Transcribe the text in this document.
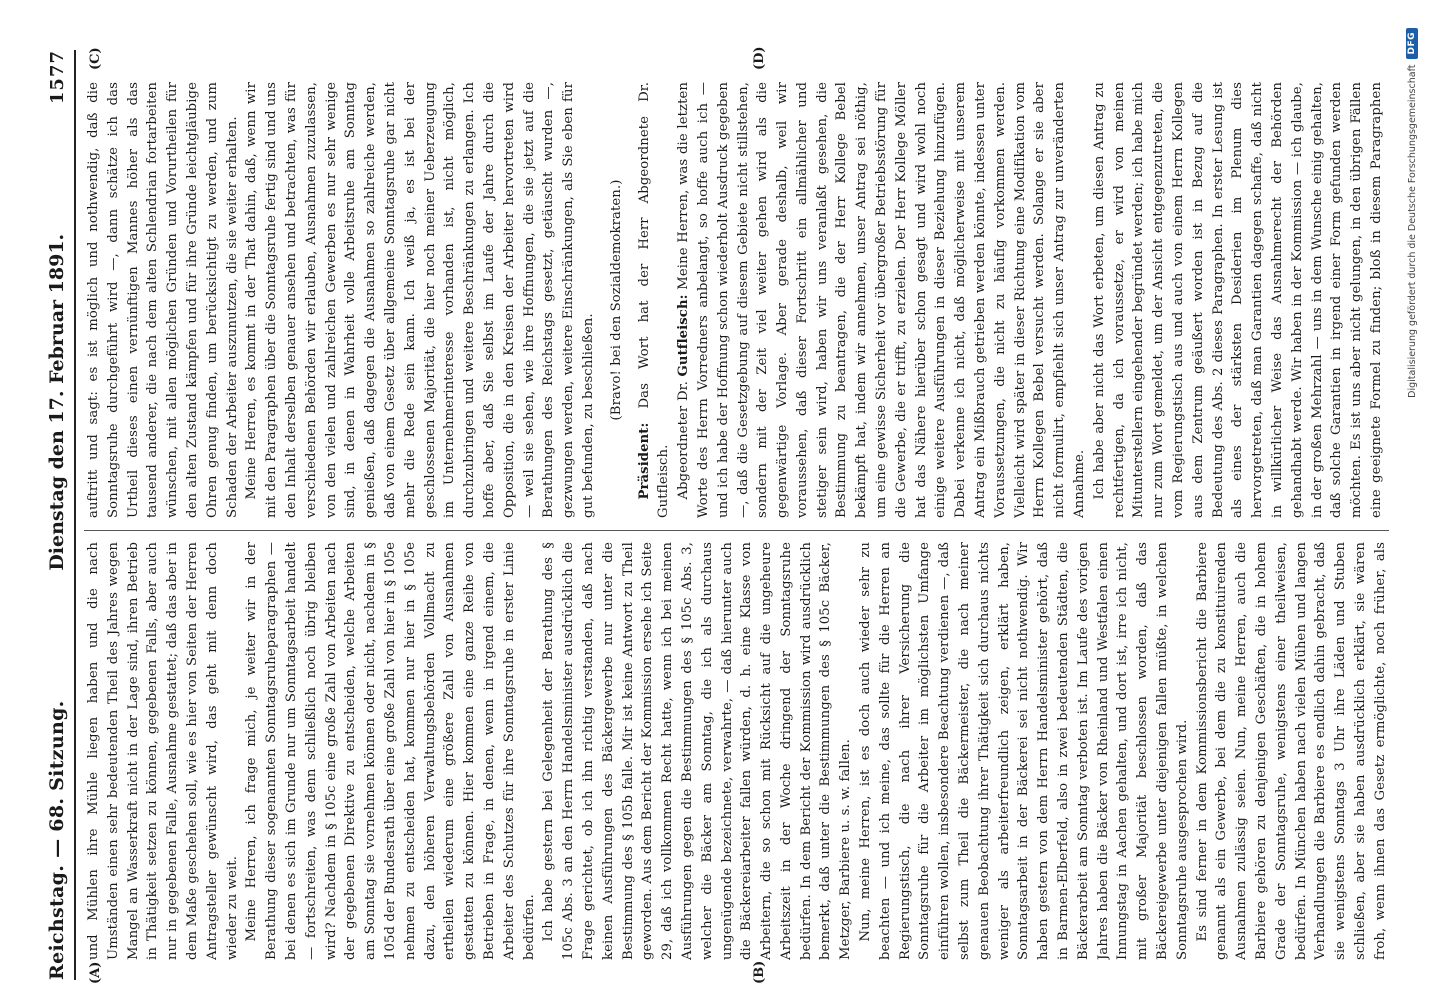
Reichstag. — 68. Sitzung.
Dienstag den 17. Februar 1891.
1577
(A)	(B)
(C)	(D)

und Mühlen ihre Mühle liegen haben und die nach Umständen einen sehr bedeutenden Theil des Jahres wegen Mangel an Wasserkraft nicht in der Lage sind, ihren Betrieb in Thätigkeit setzen zu können, gegebenen Falls, aber auch nur in gegebenen Falle, Ausnahme gestattet; daß das aber in dem Maße geschehen soll, wie es hier von Seiten der Herren Antragsteller gewünscht wird, das geht mit denn doch wieder zu weit. Meine Herren, ich frage mich, je weiter wir in der Berathung dieser sogenannten Sonntagsruheparagraphen — bei denen es sich im Grunde nur um Sonntagsarbeit handelt — fortschreiten, was denn schließlich noch übrig bleiben wird? Nachdem in § 105c eine große Zahl von Arbeiten nach der gegebenen Direktive zu entscheiden, welche Arbeiten am Sonntag sie vornehmen können oder nicht, nachdem in § 105d der Bundesrath über eine große Zahl von hier in § 105e nehmen zu entscheiden hat, kommen nur hier in § 105e dazu, den höheren Verwaltungsbehörden Vollmacht zu ertheilen wiederum eine größere Zahl von Ausnahmen gestatten zu können. Hier kommen eine ganze Reihe von Betrieben in Frage, in denen, wenn in irgend einem, die Arbeiter des Schutzes für ihre Sonntagsruhe in erster Linie bedürfen. Ich habe gestern bei Gelegenheit der Berathung des § 105c Abs. 3 an den Herrn Handelsminister ausdrücklich die Frage gerichtet, ob ich ihn richtig verstanden, daß nach keinen Ausführungen des Bäckergewerbe nur unter die Bestimmung des § 105b falle. Mir ist keine Antwort zu Theil geworden. Aus dem Bericht der Kommission ersehe ich Seite 29, daß ich vollkommen Recht hatte, wenn ich bei meinen Ausführungen gegen die Bestimmungen des § 105c Abs. 3, welcher die Bäcker am Sonntag, die ich als durchaus ungenügende bezeichnete, verwahrte, — daß hierunter auch die Bäckereiarbeiter fallen würden, d. h. eine Klasse von Arbeitern, die so schon mit Rücksicht auf die ungeheure Arbeitszeit in der Woche dringend der Sonntagsruhe bedürfen. In dem Bericht der Kommission wird ausdrücklich bemerkt, daß unter die Bestimmungen des § 105c Bäcker, Metzger, Barbiere u. s. w. fallen. Nun, meine Herren, ist es doch auch wieder sehr zu beachten — und ich meine, das sollte für die Herren an Regierungstisch, die nach ihrer Versicherung die Sonntagsruhe für die Arbeiter im möglichsten Umfange einführen wollen, insbesondere Beachtung verdienen —, daß selbst zum Theil die Bäckermeister, die nach meiner genauen Beobachtung ihrer Thätigkeit sich durchaus nichts weniger als arbeiterfreundlich zeigen, erklärt haben, Sonntagsarbeit in der Bäckerei sei nicht nothwendig. Wir haben gestern von dem Herrn Handelsminister gehört, daß in Barmen-Elberfeld, also in zwei bedeutenden Städten, die Bäckerarbeit am Sonntag verboten ist. Im Laufe des vorigen Jahres haben die Bäcker von Rheinland und Westfalen einen Innungstag in Aachen gehalten, und dort ist, irre ich nicht, mit großer Majorität beschlossen worden, daß das Bäckereigewerbe unter diejenigen fallen müßte, in welchen Sonntagsruhe ausgesprochen wird. Es sind ferner in dem Kommissionsbericht die Barbiere genannt als ein Gewerbe, bei dem die zu konstituirenden Ausnahmen zulässig seien. Nun, meine Herren, auch die Barbiere gehören zu denjenigen Geschäften, die in hohem Grade der Sonntagsruhe, wenigstens einer theilweisen, bedürfen. In München haben nach vielen Mühen und langen Verhandlungen die Barbiere es endlich dahin gebracht, daß sie wenigstens Sonntags 3 Uhr ihre Läden und Stuben schließen, aber sie haben ausdrücklich erklärt, sie wären froh, wenn ihnen das Gesetz ermöglichte, noch früher, als

auftritt und sagt: es ist möglich und nothwendig, daß die Sonntagsruhe durchgeführt wird —, dann schätze ich das Urtheil dieses einen vernünftigen Mannes höher als das tausend anderer, die nach dem alten Schlendrian fortarbeiten wünschen, mit allen möglichen Gründen und Vorurtheilen für den alten Zustand kämpfen und für ihre Gründe leichtgläubige Ohren genug finden, um berücksichtigt zu werden, und zum Schaden der Arbeiter auszunutzen, die sie weiter erhalten. Meine Herren, es kommt in der That dahin, daß, wenn wir mit den Paragraphen über die Sonntagsruhe fertig sind und uns den Inhalt derselben genauer ansehen und betrachten, was für verschiedenen Behörden wir erlauben, Ausnahmen zuzulassen, von den vielen und zahlreichen Gewerben es nur sehr wenige sind, in denen in Wahrheit volle Arbeitsruhe am Sonntag genießen, daß dagegen die Ausnahmen so zahlreiche werden, daß von einem Gesetz über allgemeine Sonntagsruhe gar nicht mehr die Rede sein kann. Ich weiß ja, es ist bei der geschlossenen Majorität, die hier noch meiner Ueberzeugung im Unternehmerinteresse vorhanden ist, nicht möglich, durchzubringen und weitere Beschränkungen zu erlangen. Ich hoffe aber, daß Sie selbst im Laufe der Jahre durch die Opposition, die in den Kreisen der Arbeiter hervortreten wird — weil sie sehen, wie ihre Hoffnungen, die sie jetzt auf die Berathungen des Reichstags gesetzt, getäuscht wurden —, gezwungen werden, weitere Einschränkungen, als Sie eben für gut befunden, zu beschließen. (Bravo! bei den Sozialdemokraten.)

Präsident: Das Wort hat der Herr Abgeordnete Dr. Gutfleisch. Abgeordneter Dr. Gutfleisch: Meine Herren, was die letzten Worte des Herrn Vorredners anbelangt, so hoffe auch ich — und ich habe der Hoffnung schon wiederholt Ausdruck gegeben —, daß die Gesetzgebung auf diesem Gebiete nicht stillstehen, sondern mit der Zeit viel weiter gehen wird als die gegenwärtige Vorlage. Aber gerade deshalb, weil wir voraussehen, daß dieser Fortschritt ein allmählicher und stetiger sein wird, haben wir uns veranlaßt gesehen, die Bestimmung zu beantragen, die der Herr Kollege Bebel bekämpft hat, indem wir annehmen, unser Antrag sei nöthig, um eine gewisse Sicherheit vor übergroßer Betriebsstörung für die Gewerbe, die er trifft, zu erzielen. Der Herr Kollege Möller hat das Nähere hierüber schon gesagt und wird wohl noch einige weitere Ausführungen in dieser Beziehung hinzufügen. Dabei verkenne ich nicht, daß möglicherweise mit unserem Antrag ein Mißbrauch getrieben werden könnte, indessen unter Voraussetzungen, die nicht zu häufig vorkommen werden. Vielleicht wird später in dieser Richtung eine Modifikation vom Herrn Kollegen Bebel versucht werden. Solange er sie aber nicht formulirt, empfiehlt sich unser Antrag zur unveränderten Annahme. Ich habe aber nicht das Wort erbeten, um diesen Antrag zu rechtfertigen, da ich voraussetze, er wird von meinen Mitunterstellern eingehender begründet werden; ich habe mich nur zum Wort gemeldet, um der Ansicht entgegenzutreten, die vom Regierungstisch aus und auch von einem Herrn Kollegen aus dem Zentrum geäußert worden ist in Bezug auf die Bedeutung des Abs. 2 dieses Paragraphen. In erster Lesung ist als eines der stärksten Desiderien im Plenum dies hervorgetreten, daß man Garantien dagegen schaffe, daß nicht in willkürlicher Weise das Ausnahmerecht der Behörden gehandhabt werde. Wir haben in der Kommission — ich glaube, in der großen Mehrzahl — uns in dem Wunsche einig gehalten, daß solche Garantien in irgend einer Form gefunden werden möchten. Es ist uns aber nicht gelungen, in den übrigen Fällen eine geeignete Formel zu finden; bloß in diesem Paragraphen	Digitalisierung gefördert durch die Deutsche Forschungsgemeinschaft
DFG
